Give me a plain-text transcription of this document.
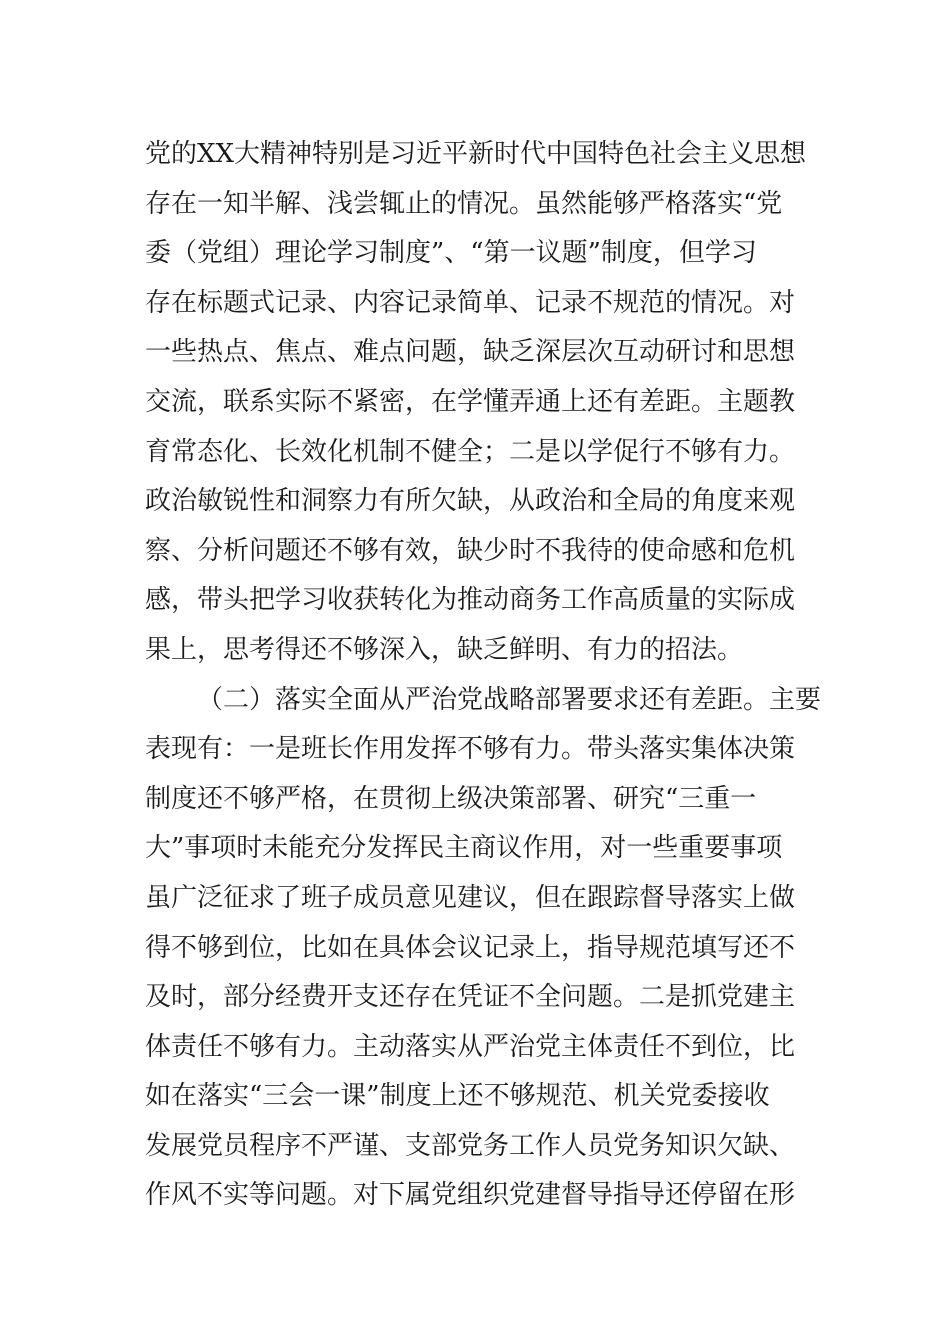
党的XX大精神特别是习近平新时代中国特色社会主义思想
存在一知半解、浅尝辄止的情况。虽然能够严格落实“党
委（党组）理论学习制度”、“第一议题”制度，但学习
存在标题式记录、内容记录简单、记录不规范的情况。对
一些热点、焦点、难点问题，缺乏深层次互动研讨和思想
交流，联系实际不紧密，在学懂弄通上还有差距。主题教
育常态化、长效化机制不健全；二是以学促行不够有力。
政治敏锐性和洞察力有所欠缺，从政治和全局的角度来观
察、分析问题还不够有效，缺少时不我待的使命感和危机
感，带头把学习收获转化为推动商务工作高质量的实际成
果上，思考得还不够深入，缺乏鲜明、有力的招法。
（二）落实全面从严治党战略部署要求还有差距。主要
表现有：一是班长作用发挥不够有力。带头落实集体决策
制度还不够严格，在贯彻上级决策部署、研究“三重一
大”事项时未能充分发挥民主商议作用，对一些重要事项
虽广泛征求了班子成员意见建议，但在跟踪督导落实上做
得不够到位，比如在具体会议记录上，指导规范填写还不
及时，部分经费开支还存在凭证不全问题。二是抓党建主
体责任不够有力。主动落实从严治党主体责任不到位，比
如在落实“三会一课”制度上还不够规范、机关党委接收
发展党员程序不严谨、支部党务工作人员党务知识欠缺、
作风不实等问题。对下属党组织党建督导指导还停留在形
